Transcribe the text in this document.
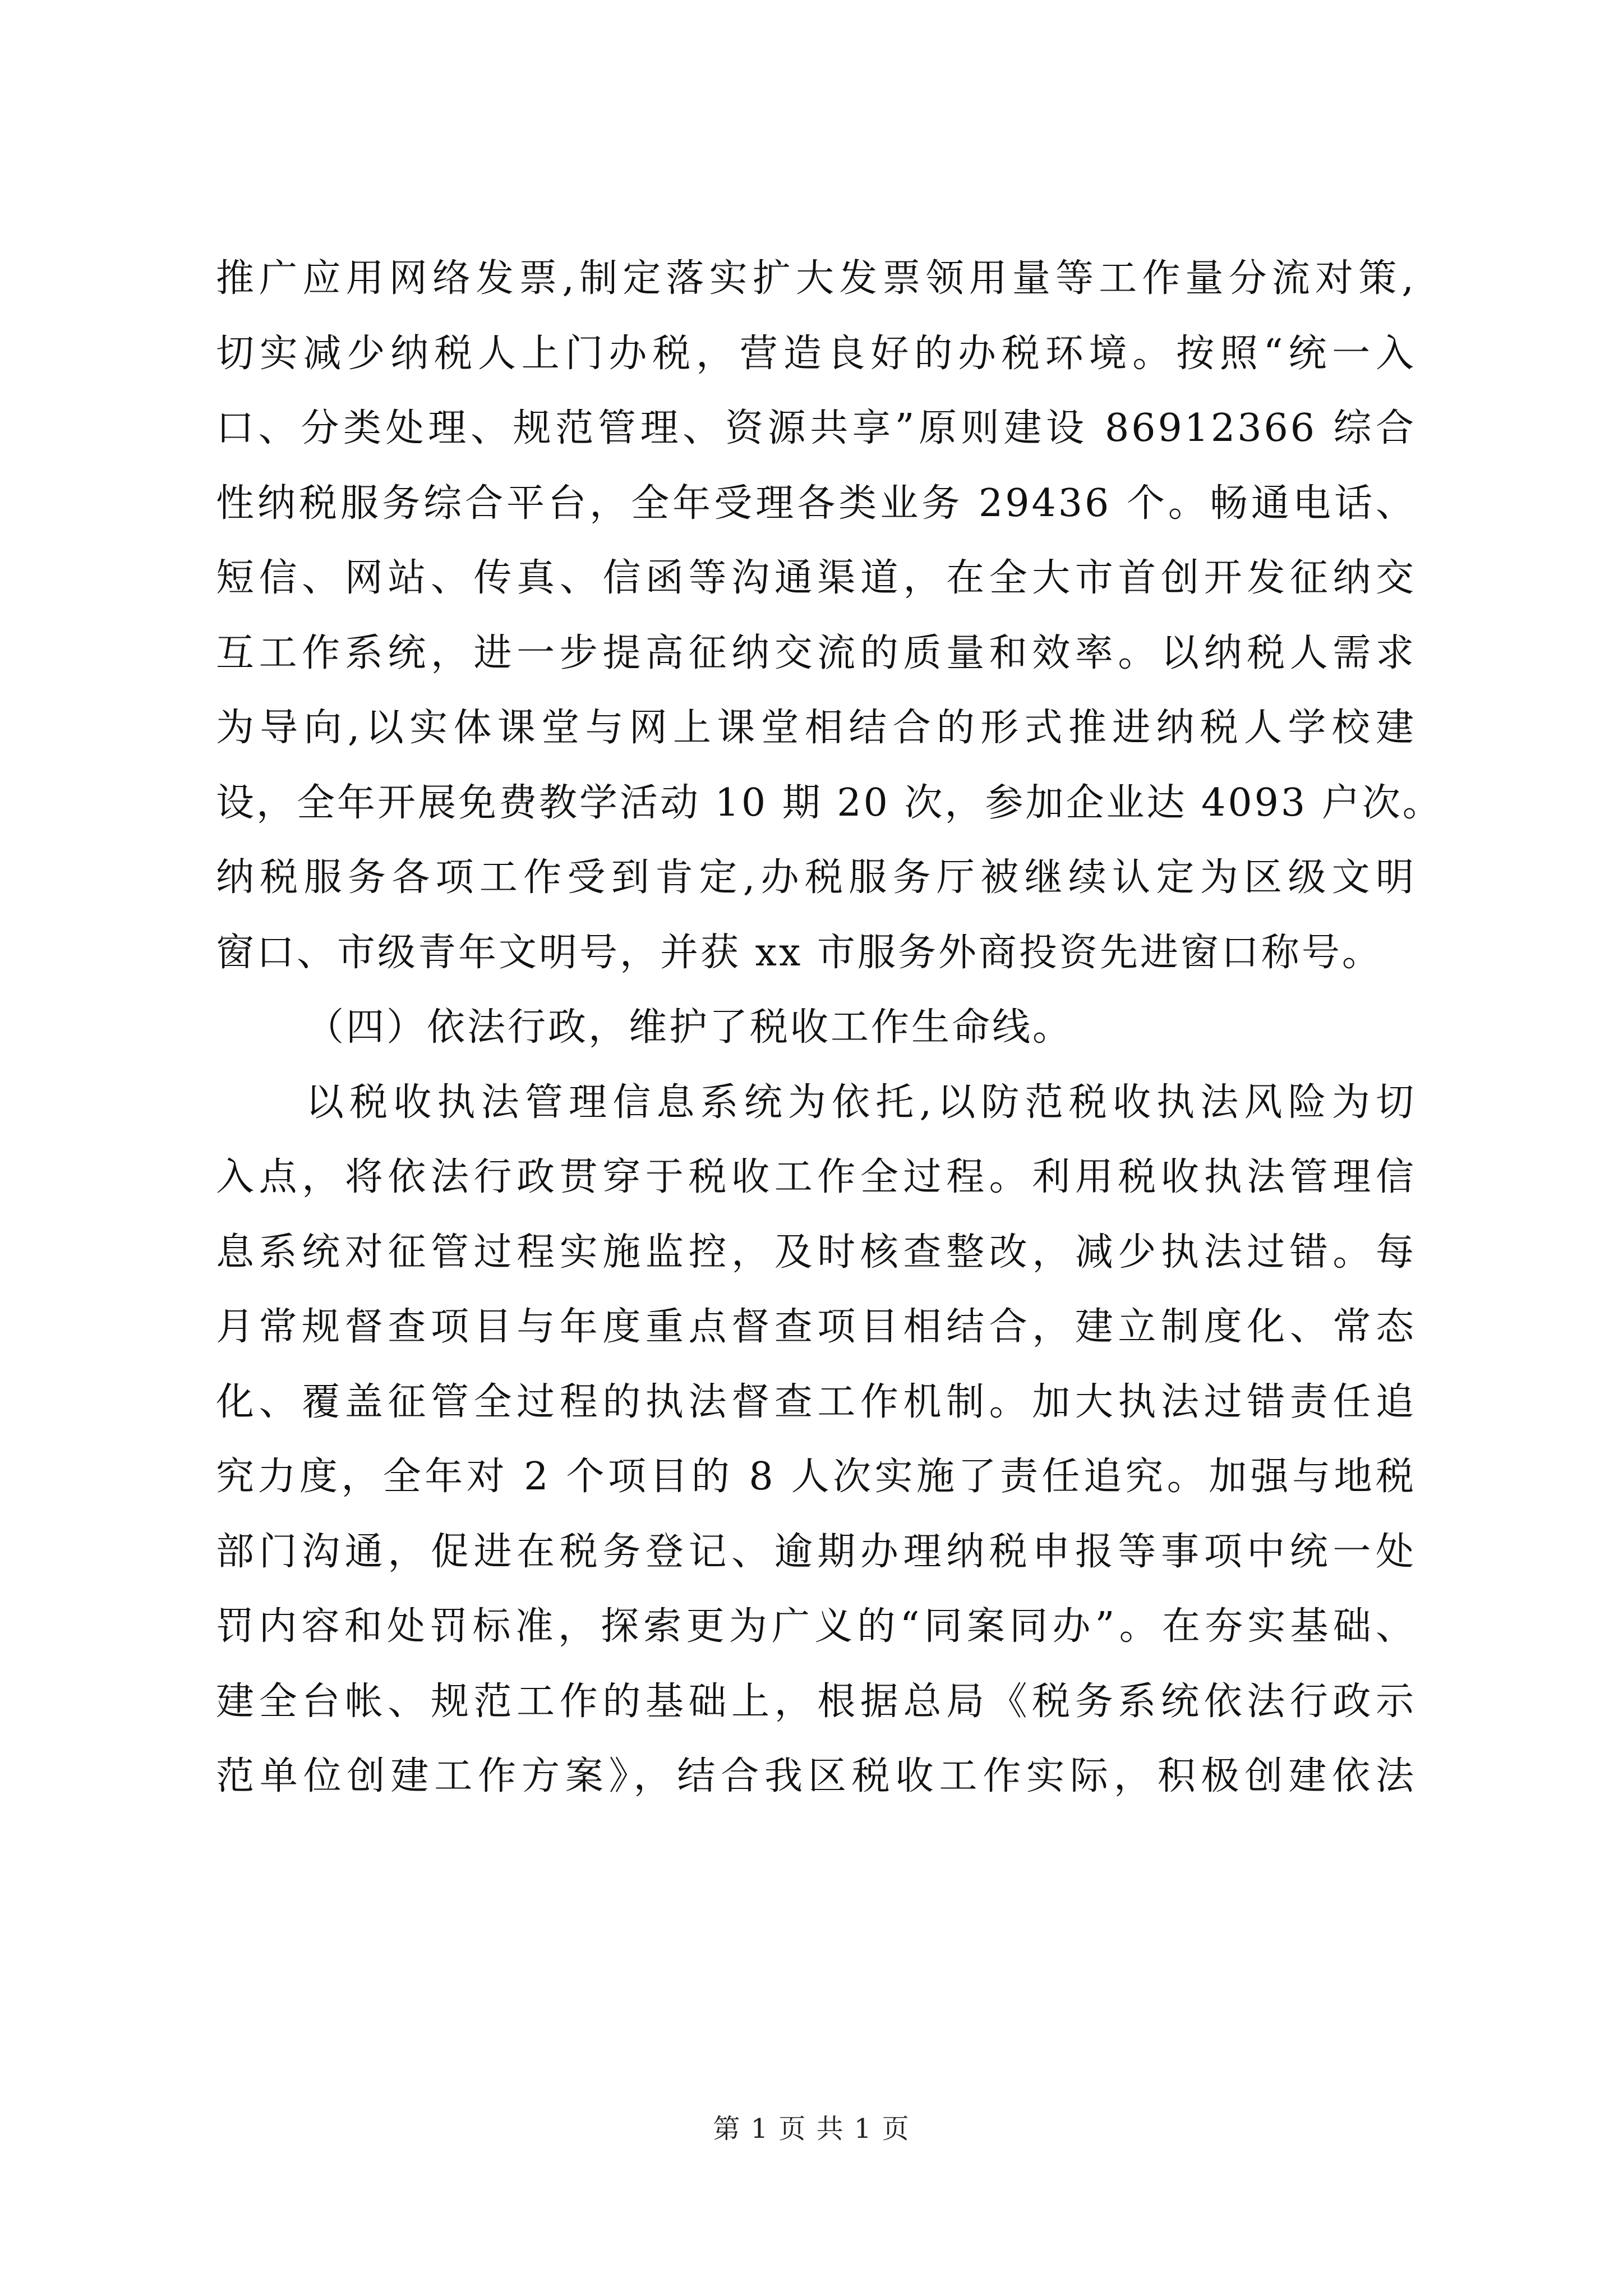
推广应用网络发票,制定落实扩大发票领用量等工作量分流对策,
切实减少纳税人上门办税，营造良好的办税环境。按照“统一入
口、分类处理、规范管理、资源共享”原则建设 86912366 综合
性纳税服务综合平台，全年受理各类业务 29436 个。畅通电话、
短信、网站、传真、信函等沟通渠道，在全大市首创开发征纳交
互工作系统，进一步提高征纳交流的质量和效率。以纳税人需求
为导向,以实体课堂与网上课堂相结合的形式推进纳税人学校建
设，全年开展免费教学活动 10 期 20 次，参加企业达 4093 户次。
纳税服务各项工作受到肯定,办税服务厅被继续认定为区级文明
窗口、市级青年文明号，并获 xx 市服务外商投资先进窗口称号。
（四）依法行政，维护了税收工作生命线。
以税收执法管理信息系统为依托,以防范税收执法风险为切
入点，将依法行政贯穿于税收工作全过程。利用税收执法管理信
息系统对征管过程实施监控，及时核查整改，减少执法过错。每
月常规督查项目与年度重点督查项目相结合，建立制度化、常态
化、覆盖征管全过程的执法督查工作机制。加大执法过错责任追
究力度，全年对 2 个项目的 8 人次实施了责任追究。加强与地税
部门沟通，促进在税务登记、逾期办理纳税申报等事项中统一处
罚内容和处罚标准，探索更为广义的“同案同办”。在夯实基础、
建全台帐、规范工作的基础上，根据总局《税务系统依法行政示
范单位创建工作方案》，结合我区税收工作实际，积极创建依法
第 1 页 共 1 页
